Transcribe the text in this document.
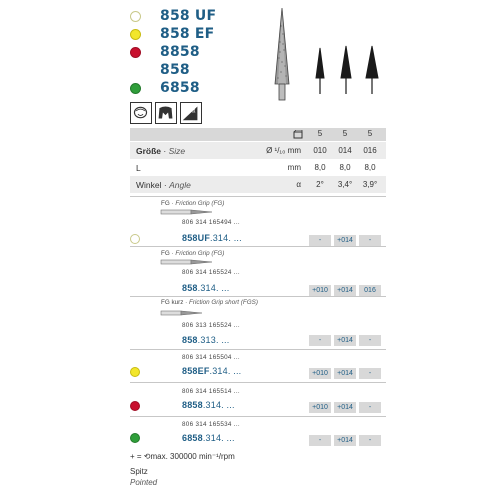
858 UF
858 EF
8858
858
6858
α
5	5	5
Größe · Size	Ø ¹/₁₀ mm	010	014	016
L	mm	8,0	8,0	8,0
Winkel · Angle	α	2°	3,4°	3,9°
FG · Friction Grip (FG)
806 314 165494 ...
858UF.314. ...	-	+014	-
FG · Friction Grip (FG)
806 314 165524 ...
858.314. ...	+010	+014	016
FG kurz · Friction Grip short (FGS)
806 313 165524 ...
858.313. ...	-	+014	-
806 314 165504 ...
858EF.314. ...	+010	+014	-
806 314 165514 ...
8858.314. ...	+010	+014	-
806 314 165534 ...
6858.314. ...	-	+014	-
+ = ⟲max. 300000 min⁻¹/rpm
Spitz
Pointed
